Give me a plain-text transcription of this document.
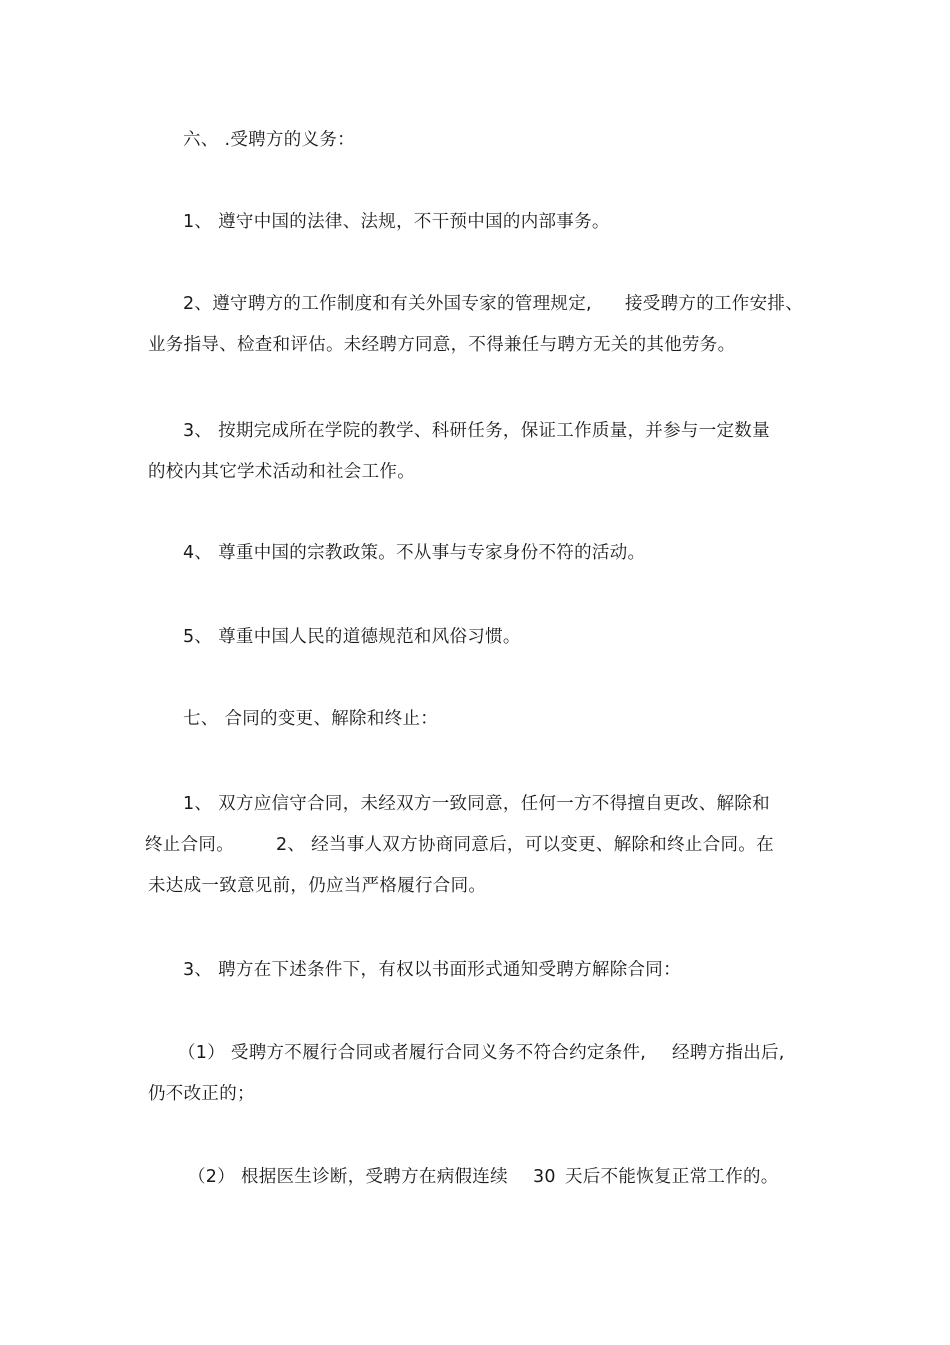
六、 .受聘方的义务：
1、 遵守中国的法律、法规，不干预中国的内部事务。
2、遵守聘方的工作制度和有关外国专家的管理规定, 接受聘方的工作安排、
业务指导、检查和评估。未经聘方同意，不得兼任与聘方无关的其他劳务。
3、 按期完成所在学院的教学、科研任务，保证工作质量，并参与一定数量
的校内其它学术活动和社会工作。
4、 尊重中国的宗教政策。不从事与专家身份不符的活动。
5、 尊重中国人民的道德规范和风俗习惯。
七、 合同的变更、解除和终止：
1、 双方应信守合同，未经双方一致同意，任何一方不得擅自更改、解除和
终止合同。 2、 经当事人双方协商同意后，可以变更、解除和终止合同。在
未达成一致意见前，仍应当严格履行合同。
3、 聘方在下述条件下，有权以书面形式通知受聘方解除合同：
（1） 受聘方不履行合同或者履行合同义务不符合约定条件, 经聘方指出后,
仍不改正的；
（2） 根据医生诊断，受聘方在病假连续 30 天后不能恢复正常工作的。
